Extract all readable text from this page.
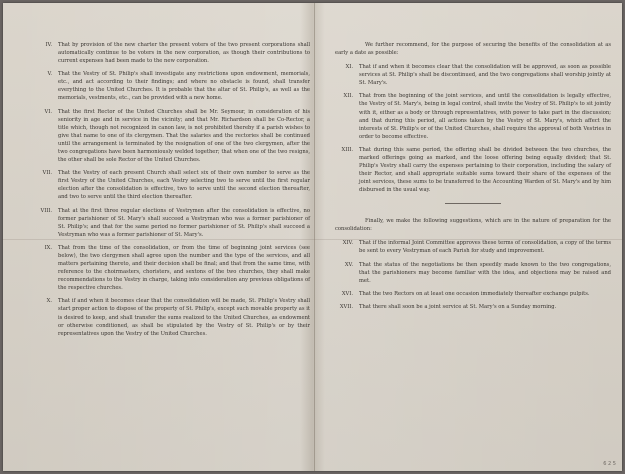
IV.	That by provision of the new charter the present voters of the two present corporations shall automatically continue to be voters in the new corporation, as though their contributions to current expenses had been made to the new corporation.
V.	That the Vestry of St. Philip's shall investigate any restrictions upon endowment, memorials, etc., and act according to their findings; and where no obstacle is found, shall transfer everything to the United Churches. It is probable that the altar of St. Philip's, as well as the memorials, vestments, etc., can be provided with a new home.
VI.	That the first Rector of the United Churches shall be Mr. Seymour, in consideration of his seniority in age and in service in the vicinity; and that Mr. Richardson shall be Co-Rector, a title which, though not recognized in canon law, is not prohibited thereby if a parish wishes to give that name to one of its clergymen. That the salaries and the rectories shall be continued until the arrangement is terminated by the resignation of one of the two clergymen, after the two congregations have been harmoniously welded together; that when one of the two resigns, the other shall be sole Rector of the United Churches.
VII.	That the Vestry of each present Church shall select six of their own number to serve as the first Vestry of the United Churches, each Vestry selecting two to serve until the first regular election after the consolidation is effective, two to serve until the second election thereafter, and two to serve until the third election thereafter.
VIII.	That at the first three regular elections of Vestrymen after the consolidation is effective, no former parishioner of St. Mary's shall succeed a Vestryman who was a former parishioner of St. Philip's; and that for the same period no former parishioner of St. Philip's shall succeed a Vestryman who was a former parishioner of St. Mary's.
IX.	That from the time of the consolidation, or from the time of beginning joint services (see below), the two clergymen shall agree upon the number and the type of the services, and all matters pertaining thereto, and their decision shall be final; and that from the same time, with reference to the choirmasters, choristers, and sextons of the two churches, they shall make recommendations to the Vestry in charge, taking into consideration any previous obligations of the respective churches.
X.	That if and when it becomes clear that the consolidation will be made, St. Philip's Vestry shall start proper action to dispose of the property of St. Philip's, except such movable property as it is desired to keep, and shall transfer the sums realized to the United Churches, as endowment or otherwise conditioned, as shall be stipulated by the Vestry of St. Philip's or by their representatives upon the Vestry of the United Churches.
We further recommend, for the purpose of securing the benefits of the consolidation at as early a date as possible:
XI.	That if and when it becomes clear that the consolidation will be approved, as soon as possible services at St. Philip's shall be discontinued, and the two congregations shall worship jointly at St. Mary's.
XII.	That from the beginning of the joint services, and until the consolidation is legally effective, the Vestry of St. Mary's, being in legal control, shall invite the Vestry of St. Philip's to sit jointly with it, either as a body or through representatives, with power to take part in the discussion; and that during this period, all actions taken by the Vestry of St. Mary's, which affect the interests of St. Philip's or of the United Churches, shall require the approval of both Vestries in order to become effective.
XIII.	That during this same period, the offering shall be divided between the two churches, the marked offerings going as marked, and the loose offering being equally divided; that St. Philip's Vestry shall carry the expenses pertaining to their corporation, including the salary of their Rector, and shall appropriate suitable sums toward their share of the expenses of the joint services, these sums to be transferred to the Accounting Warden of St. Mary's and by him disbursed in the usual way.
Finally, we make the following suggestions, which are in the nature of preparation for the consolidation:
XIV.	That if the informal Joint Committee approves these terms of consolidation, a copy of the terms be sent to every Vestryman of each Parish for study and improvement.
XV.	That the status of the negotiations be then speedily made known to the two congregations, that the parishioners may become familiar with the idea, and objections may be raised and met.
XVI.	That the two Rectors on at least one occasion immediately thereafter exchange pulpits.
XVII.	That there shall soon be a joint service at St. Mary's on a Sunday morning.
6 2 5
